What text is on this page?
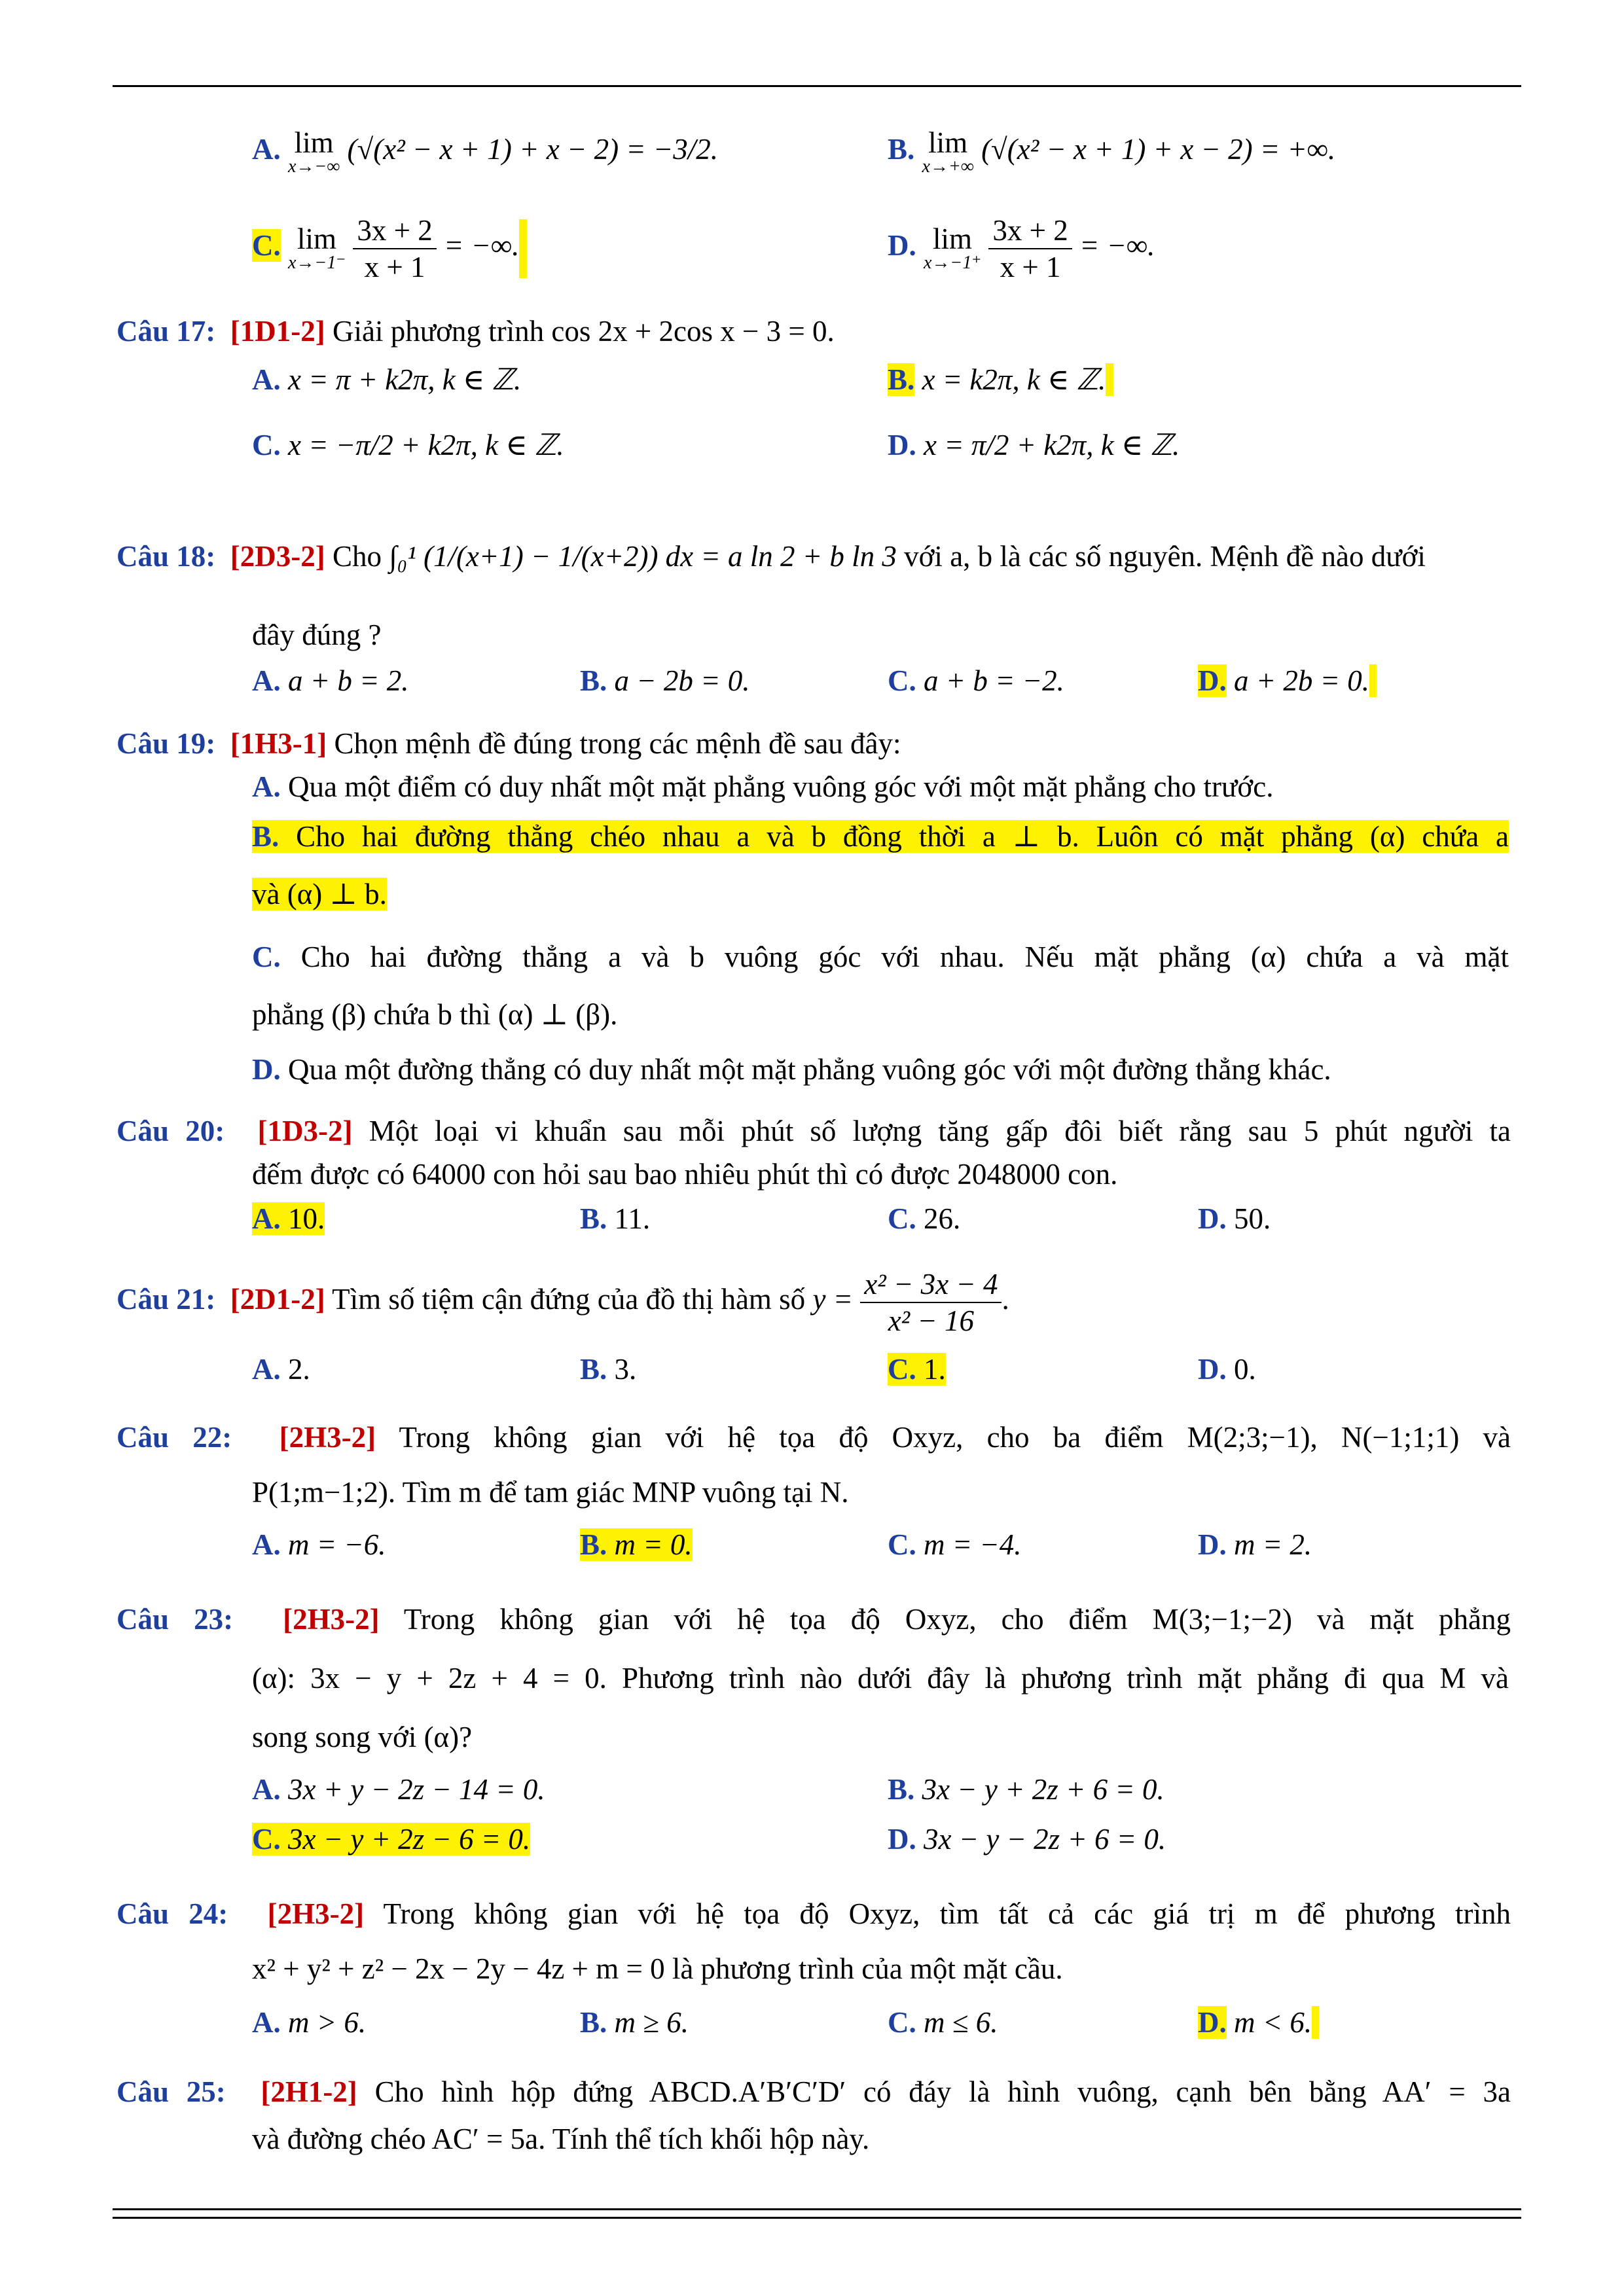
A. lim
x→−∞
(√(x² − x + 1) + x − 2) = −3/2.	B. lim
x→+∞
(√(x² − x + 1) + x − 2) = +∞.
C. lim
x→−1⁻
$\frac{3x + 2}{x + 1}$ = −∞.	D. lim
x→−1⁺
$\frac{3x + 2}{x + 1}$ = −∞.
Câu 17: [1D1-2] Giải phương trình cos 2x + 2cos x − 3 = 0.
A. x = π + k2π, k ∈ ℤ.	B. x = k2π, k ∈ ℤ.
C. x = −π/2 + k2π, k ∈ ℤ.	D. x = π/2 + k2π, k ∈ ℤ.
Câu 18: [2D3-2] Cho ∫₀¹ (1/(x+1) − 1/(x+2)) dx = a ln 2 + b ln 3 với a, b là các số nguyên. Mệnh đề nào dưới
đây đúng ?
A. a + b = 2.	B. a − 2b = 0.	C. a + b = −2.	D. a + 2b = 0.
Câu 19: [1H3-1] Chọn mệnh đề đúng trong các mệnh đề sau đây:
A. Qua một điểm có duy nhất một mặt phẳng vuông góc với một mặt phẳng cho trước.
B. Cho hai đường thẳng chéo nhau a và b đồng thời a ⊥ b. Luôn có mặt phẳng (α) chứa a
và (α) ⊥ b.
C. Cho hai đường thẳng a và b vuông góc với nhau. Nếu mặt phẳng (α) chứa a và mặt
phẳng (β) chứa b thì (α) ⊥ (β).
D. Qua một đường thẳng có duy nhất một mặt phẳng vuông góc với một đường thẳng khác.
Câu 20: [1D3-2] Một loại vi khuẩn sau mỗi phút số lượng tăng gấp đôi biết rằng sau 5 phút người ta
đếm được có 64000 con hỏi sau bao nhiêu phút thì có được 2048000 con.
A. 10.	B. 11.	C. 26.	D. 50.
Câu 21: [2D1-2] Tìm số tiệm cận đứng của đồ thị hàm số $y = \frac{\text{x² − 3x − 4}}{\text{x² − 16}}$ .
A. 2.	B. 3.	C. 1.	D. 0.
Câu 22: [2H3-2] Trong không gian với hệ tọa độ Oxyz, cho ba điểm M(2;3;−1), N(−1;1;1) và
P(1;m−1;2). Tìm m để tam giác MNP vuông tại N.
A. m = −6.	B. m = 0.	C. m = −4.	D. m = 2.
Câu 23: [2H3-2] Trong không gian với hệ tọa độ Oxyz, cho điểm M(3;−1;−2) và mặt phẳng
(α): 3x − y + 2z + 4 = 0. Phương trình nào dưới đây là phương trình mặt phẳng đi qua M và
song song với (α)?
A. 3x + y − 2z − 14 = 0.	B. 3x − y + 2z + 6 = 0.
C. 3x − y + 2z − 6 = 0.	D. 3x − y − 2z + 6 = 0.
Câu 24: [2H3-2] Trong không gian với hệ tọa độ Oxyz, tìm tất cả các giá trị m để phương trình
x² + y² + z² − 2x − 2y − 4z + m = 0 là phương trình của một mặt cầu.
A. m > 6.	B. m ≥ 6.	C. m ≤ 6.	D. m < 6.
Câu 25: [2H1-2] Cho hình hộp đứng ABCD.A′B′C′D′ có đáy là hình vuông, cạnh bên bằng AA′ = 3a
và đường chéo AC′ = 5a. Tính thể tích khối hộp này.
